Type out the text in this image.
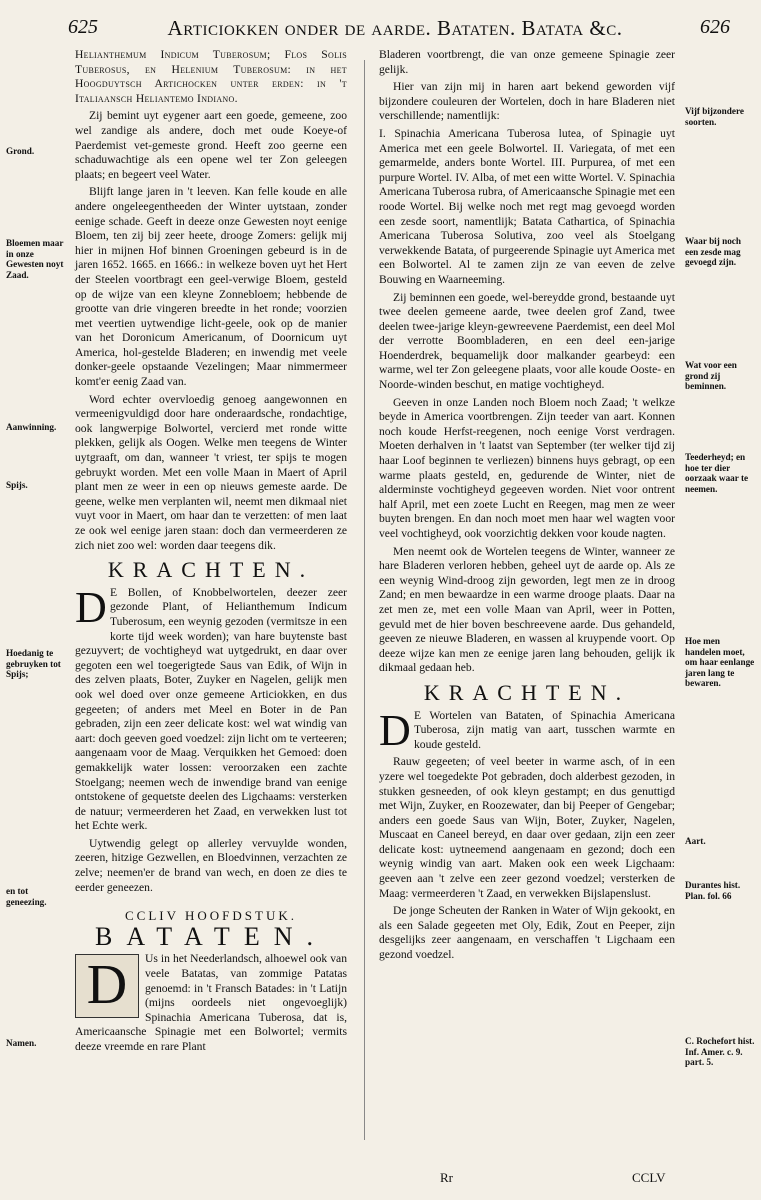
625	Articiokken onder de aarde. Bataten. Batata &c.	626

Helianthemum Indicum Tuberosum; Flos Solis Tuberosus, en Helenium Tuberosum: in het Hoogduytsch Artichocken unter erden: in 't Italiaansch Heliantemo Indiano.

Zij bemint uyt eygener aart een goede, gemeene, zoo wel zandige als andere, doch met oude Koeye-of Paerdemist vet-gemeste grond. Heeft zoo geerne een schaduwachtige als een opene wel ter Zon geleegen plaats; en begeert veel Water.

Blijft lange jaren in 't leeven. Kan felle koude en alle andere ongeleegentheeden der Winter uytstaan, zonder eenige schade. Geeft in deeze onze Gewesten noyt eenige Bloem, ten zij bij zeer heete, drooge Zomers: gelijk mij hier in mijnen Hof binnen Groeningen gebeurd is in de jaren 1652. 1665. en 1666.: in welkeze boven uyt het Hert der Steelen voortbragt een geel-verwige Bloem, gesteld op de wijze van een kleyne Zonnebloem; hebbende de grootte van drie vingeren breedte in het ronde; voorzien met veertien uytwendige licht-geele, ook op de manier van het Doronicum Americanum, of Doornicum uyt America, hol-gestelde Bladeren; en inwendig met veele donker-geele opstaande Vezelingen; Maar nimmermeer komt'er eenig Zaad van.

Word echter overvloedig genoeg aangewonnen en vermeenigvuldigd door hare onderaardsche, rondachtige, ook langwerpige Bolwortel, vercierd met ronde witte plekken, gelijk als Oogen. Welke men teegens de Winter uytgraaft, om dan, wanneer 't vriest, ter spijs te mogen gebruykt worden. Met een volle Maan in Maert of April plant men ze weer in een op nieuws gemeste aarde. De geene, welke men verplanten wil, neemt men dikmaal niet vuyt voor in Maert, om haar dan te verzetten: of men laat ze ook wel eenige jaren staan: doch dan vermeerderen ze zich niet zoo wel: worden daar teegens dik.

KRACHTEN.

D E Bollen, of Knobbelwortelen, deezer zeer gezonde Plant, of Helianthemum Indicum Tuberosum, een weynig gezoden (vermitsze in een korte tijd week worden); van hare buytenste bast gezuyvert; de vochtigheyd wat uytgedrukt, en daar over gegoten een wel toegerigtede Saus van Edik, of Wijn in des zelven plaats, Boter, Zuyker en Nagelen, gelijk men ook wel doed over onze gemeene Articiokken, en dus gegeeten; of anders met Meel en Boter in de Pan gebraden, zijn een zeer delicate kost: wel wat windig van aart: doch geeven goed voedzel: zijn licht om te verteeren; aangenaam voor de Maag. Verquikken het Gemoed: doen gemakkelijk water lossen: veroorzaken een zachte Stoelgang; neemen wech de inwendige brand van eenige ontstokene of gequetste deelen des Ligchaams: versterken de natuur; vermeerderen het Zaad, en verwekken lust tot het Echte werk.

Uytwendig gelegt op allerley vervuylde wonden, zeeren, hitzige Gezwellen, en Bloedvinnen, verzachten ze zelve; neemen'er de brand van wech, en doen ze dies te eerder geneezen.

CCLIV HOOFDSTUK.
BATATEN.

D	Us in het Neederlandsch, alhoewel ook van veele Batatas, van zommige Patatas genoemd: in 't Fransch Batades: in 't Latijn (mijns oordeels niet ongevoeglijk) Spinachia Americana Tuberosa, dat is, Americaansche Spinagie met een Bolwortel; vermits deeze vreemde en rare Plant

Bladeren voortbrengt, die van onze gemeene Spinagie zeer gelijk.

Hier van zijn mij in haren aart bekend geworden vijf bijzondere couleuren der Wortelen, doch in hare Bladeren niet verschillende; namentlijk:

I. Spinachia Americana Tuberosa lutea, of Spinagie uyt America met een geele Bolwortel. II. Variegata, of met een gemarmelde, anders bonte Wortel. III. Purpurea, of met een purpure Wortel. IV. Alba, of met een witte Wortel. V. Spinachia Americana Tuberosa rubra, of Americaansche Spinagie met een roode Wortel. Bij welke noch met regt mag gevoegd worden een zesde soort, namentlijk; Batata Cathartica, of Spinachia Americana Tuberosa Solutiva, zoo veel als Stoelgang verwekkende Batata, of purgeerende Spinagie uyt America met een Bolwortel. Al te zamen zijn ze van eeven de zelve Bouwing en Waarneeming.

Zij beminnen een goede, wel-bereydde grond, bestaande uyt twee deelen gemeene aarde, twee deelen grof Zand, twee deelen twee-jarige kleyn-gewreevene Paerdemist, een deel Mol der verrotte Boombladeren, en een deel een-jarige Hoenderdrek, bequamelijk door malkander gearbeyd: een warme, wel ter Zon geleegene plaats, voor alle koude Ooste- en Noorde-winden beschut, en matige vochtigheyd.

Geeven in onze Landen noch Bloem noch Zaad; 't welkze beyde in America voortbrengen. Zijn teeder van aart. Konnen noch koude Herfst-reegenen, noch eenige Vorst verdragen. Moeten derhalven in 't laatst van September (ter welker tijd zij haar Loof beginnen te verliezen) binnens huys gebragt, op een warme plaats gesteld, en, gedurende de Winter, niet de alderminste vochtigheyd gegeeven worden. Niet voor ontrent half April, met een zoete Lucht en Reegen, mag men ze weer buyten brengen. En dan noch moet men haar wel wagten voor veel vochtigheyd, ook voorzichtig dekken voor koude nagten.

Men neemt ook de Wortelen teegens de Winter, wanneer ze hare Bladeren verloren hebben, geheel uyt de aarde op. Als ze een weynig Wind-droog zijn geworden, legt men ze in droog Zand; en men bewaardze in een warme drooge plaats. Daar na zet men ze, met een volle Maan van April, weer in Potten, gevuld met de hier boven beschreevene aarde. Dus gehandeld, geeven ze nieuwe Bladeren, en wassen al kruypende voort. Op deeze wijze kan men ze eenige jaren lang behouden, gelijk ik dikmaal gedaan heb.

KRACHTEN.

D E Wortelen van Bataten, of Spinachia Americana Tuberosa, zijn matig van aart, tusschen warmte en koude gesteld.

Rauw gegeeten; of veel beeter in warme asch, of in een yzere wel toegedekte Pot gebraden, doch alderbest gezoden, in stukken gesneeden, of ook kleyn gestampt; en dus genuttigd met Wijn, Zuyker, en Roozewater, dan bij Peeper of Gengebar; anders een goede Saus van Wijn, Boter, Zuyker, Nagelen, Muscaat en Caneel bereyd, en daar over gedaan, zijn een zeer delicate kost: uytneemend aangenaam en gezond; doch een weynig windig van aart. Maken ook een week Ligchaam: geeven aan 't zelve een zeer gezond voedzel; versterken de Maag: vermeerderen 't Zaad, en verwekken Bijslapenslust.

De jonge Scheuten der Ranken in Water of Wijn gekookt, en als een Salade gegeeten met Oly, Edik, Zout en Peeper, zijn desgelijks zeer aangenaam, en verschaffen 't Ligchaam een gezond voedzel.

Grond.
Bloemen maar in onze Gewesten noyt Zaad.
Aanwinning.
Spijs.
Hoedanig te gebruyken tot Spijs;
en tot geneezing.
Namen.
Vijf bijzondere soorten.
Waar bij noch een zesde mag gevoegd zijn.
Wat voor een grond zij beminnen.
Teederheyd; en hoe ter dier oorzaak waar te neemen.
Hoe men handelen moet, om haar eenlange jaren lang te bewaren.
Aart.
Durantes hist. Plan. fol. 66
C. Rochefort hist. Inf. Amer. c. 9. part. 5.
Rr	CCLV
